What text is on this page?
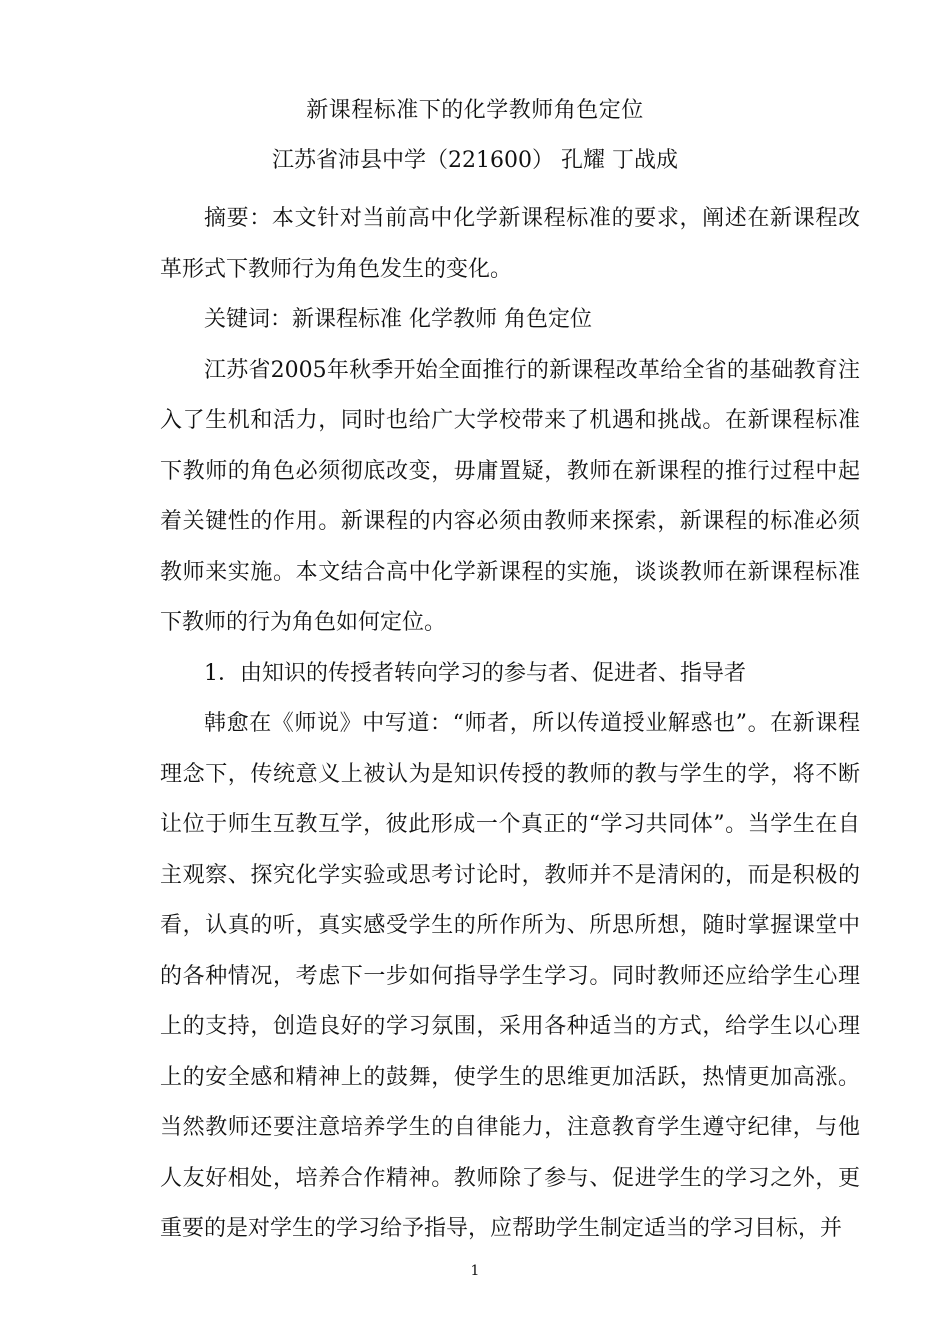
新课程标准下的化学教师角色定位
江苏省沛县中学（221600） 孔耀 丁战成

摘要：本文针对当前高中化学新课程标准的要求，阐述在新课程改革形式下教师行为角色发生的变化。

关键词：新课程标准 化学教师 角色定位

江苏省2005年秋季开始全面推行的新课程改革给全省的基础教育注入了生机和活力，同时也给广大学校带来了机遇和挑战。在新课程标准下教师的角色必须彻底改变，毋庸置疑，教师在新课程的推行过程中起着关键性的作用。新课程的内容必须由教师来探索，新课程的标准必须教师来实施。本文结合高中化学新课程的实施，谈谈教师在新课程标准下教师的行为角色如何定位。

1．由知识的传授者转向学习的参与者、促进者、指导者

韩愈在《师说》中写道：“师者，所以传道授业解惑也”。在新课程理念下，传统意义上被认为是知识传授的教师的教与学生的学，将不断让位于师生互教互学，彼此形成一个真正的“学习共同体”。当学生在自主观察、探究化学实验或思考讨论时，教师并不是清闲的，而是积极的看，认真的听，真实感受学生的所作所为、所思所想，随时掌握课堂中的各种情况，考虑下一步如何指导学生学习。同时教师还应给学生心理上的支持，创造良好的学习氛围，采用各种适当的方式，给学生以心理上的安全感和精神上的鼓舞，使学生的思维更加活跃，热情更加高涨。当然教师还要注意培养学生的自律能力，注意教育学生遵守纪律，与他人友好相处，培养合作精神。教师除了参与、促进学生的学习之外，更重要的是对学生的学习给予指导，应帮助学生制定适当的学习目标，并

1
